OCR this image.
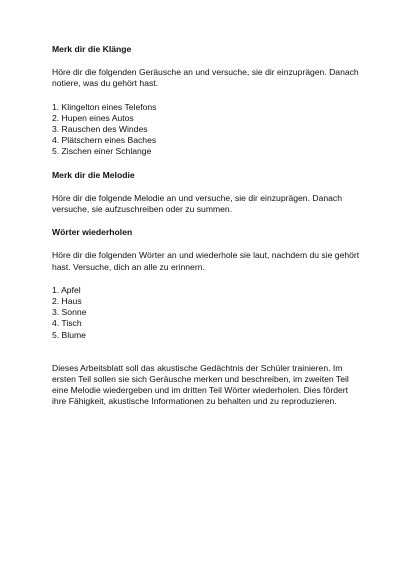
Merk dir die Klänge

Höre dir die folgenden Geräusche an und versuche, sie dir einzuprägen. Danach notiere, was du gehört hast.

1. Klingelton eines Telefons
2. Hupen eines Autos
3. Rauschen des Windes
4. Plätschern eines Baches
5. Zischen einer Schlange

Merk dir die Melodie

Höre dir die folgende Melodie an und versuche, sie dir einzuprägen. Danach versuche, sie aufzuschreiben oder zu summen.

Wörter wiederholen

Höre dir die folgenden Wörter an und wiederhole sie laut, nachdem du sie gehört hast. Versuche, dich an alle zu erinnern.

1. Apfel
2. Haus
3. Sonne
4. Tisch
5. Blume

Dieses Arbeitsblatt soll das akustische Gedächtnis der Schüler trainieren. Im ersten Teil sollen sie sich Geräusche merken und beschreiben, im zweiten Teil eine Melodie wiedergeben und im dritten Teil Wörter wiederholen. Dies fördert ihre Fähigkeit, akustische Informationen zu behalten und zu reproduzieren.
